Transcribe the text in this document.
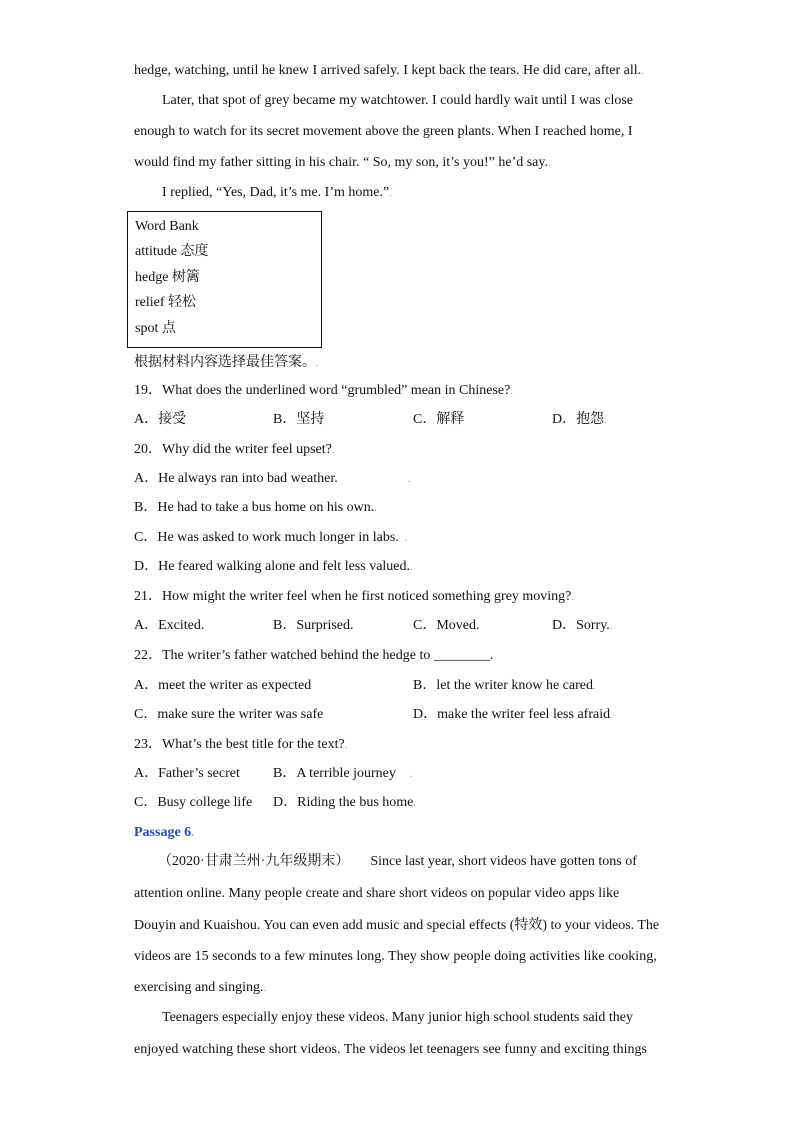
hedge, watching, until he knew I arrived safely. I kept back the tears. He did care, after all..
Later, that spot of grey became my watchtower. I could hardly wait until I was close
enough to watch for its secret movement above the green plants. When I reached home, I
would find my father sitting in his chair. “ So, my son, it’s you!” he’d say..
I replied, “Yes, Dad, it’s me. I’m home.”.
Word Bank
attitude 态度
hedge 树篱
relief 轻松
spot 点
根据材料内容选择最佳答案。.
19．What does the underlined word “grumbled” mean in Chinese?.
A．接受	B．坚持	C．解释	D．抱怨.
20．Why did the writer feel upset?.
A．He always ran into bad weather.	.
B．He had to take a bus home on his own..
C．He was asked to work much longer in labs. .
D．He feared walking alone and felt less valued..
21．How might the writer feel when he first noticed something grey moving?.
A．Excited.	B．Surprised.	C．Moved.	D．Sorry..
22．The writer’s father watched behind the hedge to ________.
A．meet the writer as expected	B．let the writer know he cared.
C．make sure the writer was safe	D．make the writer feel less afraid.
23．What’s the best title for the text?.
A．Father’s secret B．A terrible journey .
C．Busy college life D．Riding the bus home.
Passage 6.
（2020·甘肃兰州·九年级期末）　　Since last year, short videos have gotten tons of
attention online. Many people create and share short videos on popular video apps like
Douyin and Kuaishou. You can even add music and special effects (特效) to your videos. The
videos are 15 seconds to a few minutes long. They show people doing activities like cooking,
exercising and singing..
Teenagers especially enjoy these videos. Many junior high school students said they
enjoyed watching these short videos. The videos let teenagers see funny and exciting things
